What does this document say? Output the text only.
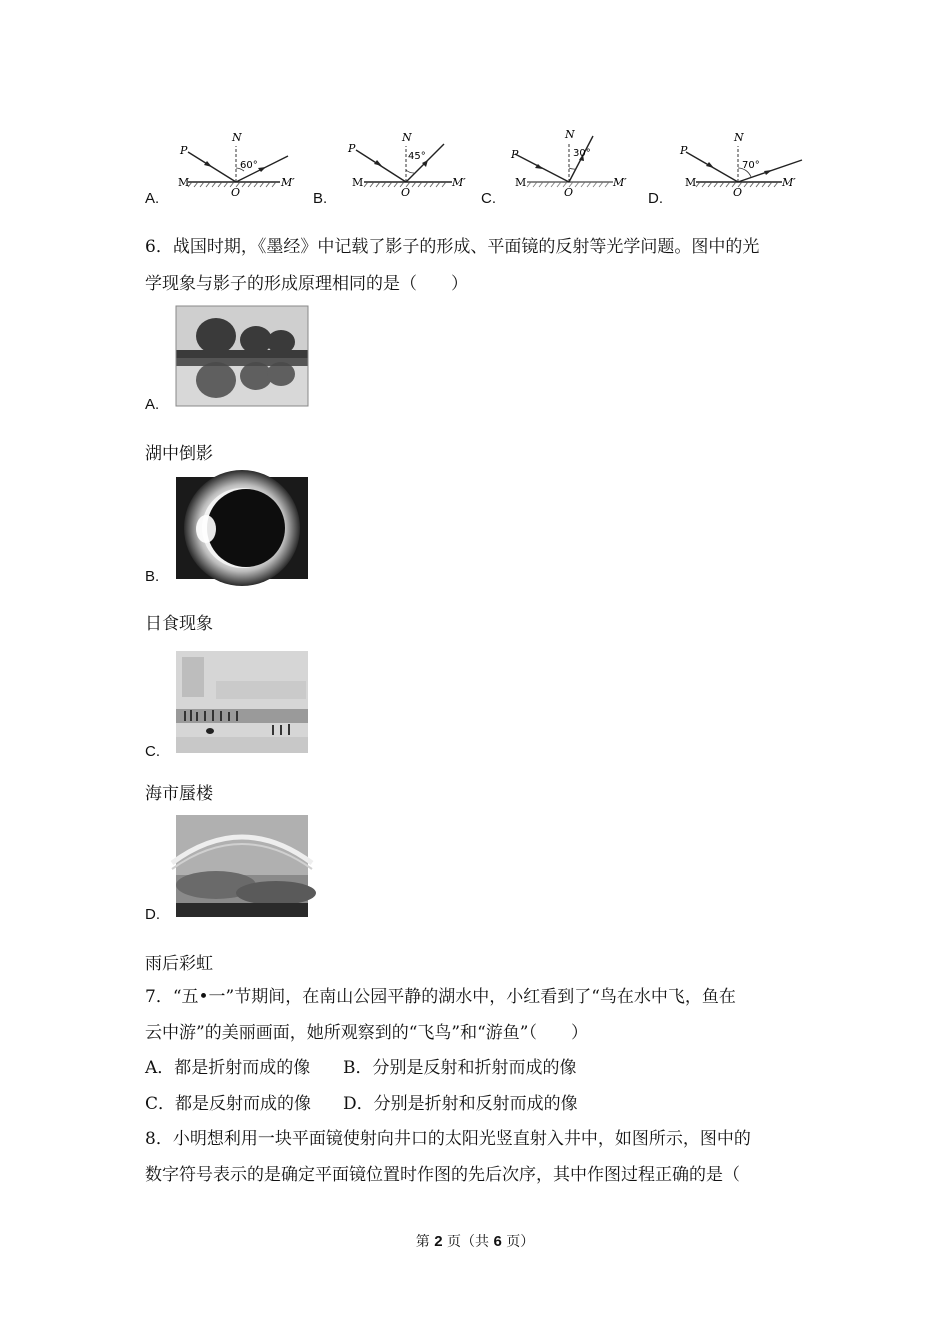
A.
P
N
60°
M	M′
O	B.
P
N
45°
M	M′
O	C.
P
N
30°
M	M′
O	D.
P
N
70°
M	M′
O
6．战国时期，《墨经》中记载了影子的形成、平面镜的反射等光学问题。图中的光
学现象与影子的形成原理相同的是（　　）
A.
湖中倒影
B.
日食现象
C.
海市蜃楼
D.
雨后彩虹
7．“五•一”节期间，在南山公园平静的湖水中，小红看到了“鸟在水中飞，鱼在
云中游”的美丽画面，她所观察到的“飞鸟”和“游鱼”（　　）
A．都是折射而成的像 B．分别是反射和折射而成的像
C．都是反射而成的像 D．分别是折射和反射而成的像
8．小明想利用一块平面镜使射向井口的太阳光竖直射入井中，如图所示，图中的
数字符号表示的是确定平面镜位置时作图的先后次序，其中作图过程正确的是（
第 2 页（共 6 页）
